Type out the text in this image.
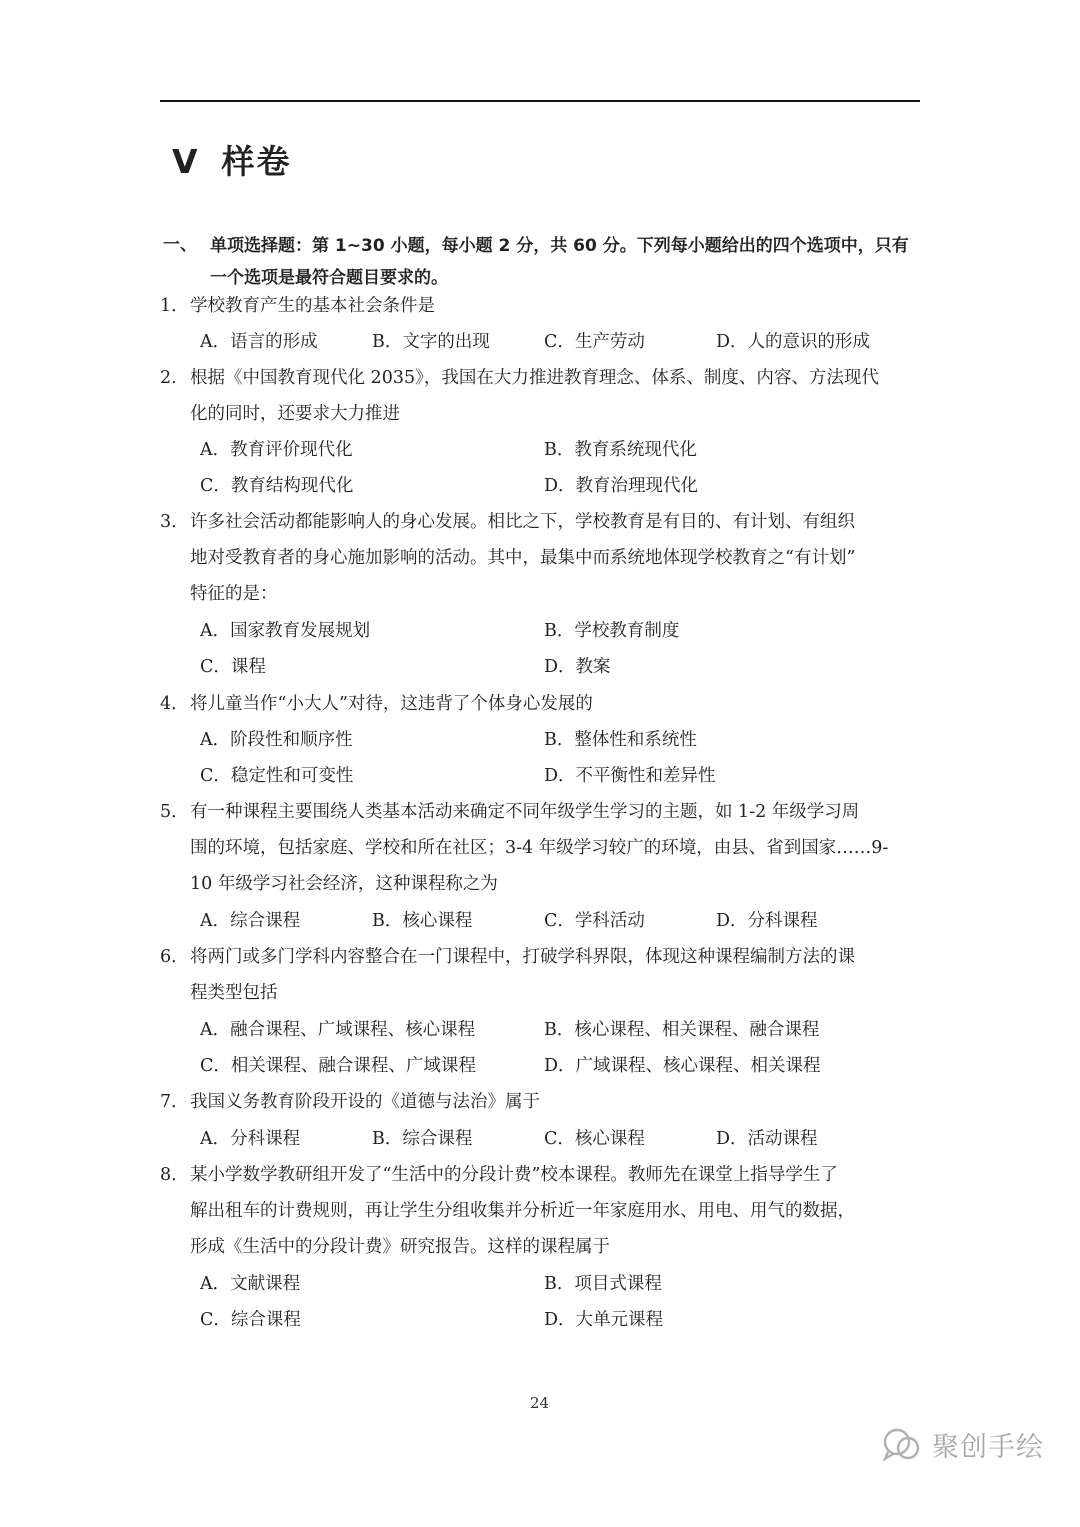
V 样卷
一、 单项选择题：第 1~30 小题，每小题 2 分，共 60 分。下列每小题给出的四个选项中，只有一个选项是最符合题目要求的。
1．学校教育产生的基本社会条件是
A．语言的形成	B．文字的出现	C．生产劳动	D．人的意识的形成
2. 根据《中国教育现代化 2035》，我国在大力推进教育理念、体系、制度、内容、方法现代
化的同时，还要求大力推进
A．教育评价现代化	B．教育系统现代化
C．教育结构现代化	D．教育治理现代化
3．许多社会活动都能影响人的身心发展。相比之下，学校教育是有目的、有计划、有组织
地对受教育者的身心施加影响的活动。其中，最集中而系统地体现学校教育之“有计划”
特征的是：
A．国家教育发展规划	B．学校教育制度
C．课程	D．教案
4．将儿童当作“小大人”对待，这违背了个体身心发展的
A．阶段性和顺序性	B．整体性和系统性
C．稳定性和可变性	D．不平衡性和差异性
5．有一种课程主要围绕人类基本活动来确定不同年级学生学习的主题，如 1-2 年级学习周
围的环境，包括家庭、学校和所在社区；3-4 年级学习较广的环境，由县、省到国家……9-
10 年级学习社会经济，这种课程称之为
A．综合课程	B．核心课程	C．学科活动	D．分科课程
6．将两门或多门学科内容整合在一门课程中，打破学科界限，体现这种课程编制方法的课
程类型包括
A．融合课程、广域课程、核心课程	B．核心课程、相关课程、融合课程
C．相关课程、融合课程、广域课程	D．广域课程、核心课程、相关课程
7．我国义务教育阶段开设的《道德与法治》属于
A．分科课程	B．综合课程	C．核心课程	D．活动课程
8．某小学数学教研组开发了“生活中的分段计费”校本课程。教师先在课堂上指导学生了
解出租车的计费规则，再让学生分组收集并分析近一年家庭用水、用电、用气的数据，
形成《生活中的分段计费》研究报告。这样的课程属于
A．文献课程	B．项目式课程
C．综合课程	D．大单元课程
24
聚创手绘
